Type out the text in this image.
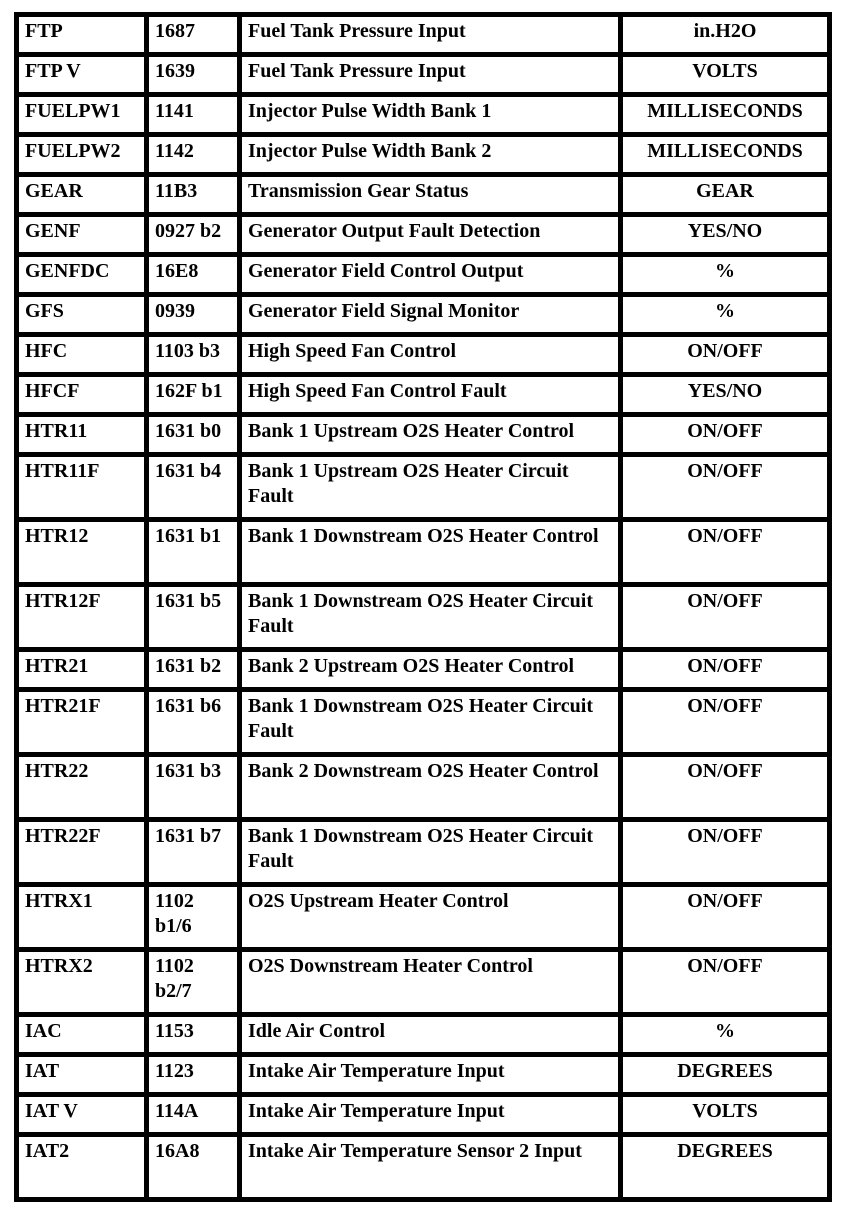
FTP	1687	Fuel Tank Pressure Input	in.H2O
FTP V	1639	Fuel Tank Pressure Input	VOLTS
FUELPW1	1141	Injector Pulse Width Bank 1	MILLISECONDS
FUELPW2	1142	Injector Pulse Width Bank 2	MILLISECONDS
GEAR	11B3	Transmission Gear Status	GEAR
GENF	0927 b2	Generator Output Fault Detection	YES/NO
GENFDC	16E8	Generator Field Control Output	%
GFS	0939	Generator Field Signal Monitor	%
HFC	1103 b3	High Speed Fan Control	ON/OFF
HFCF	162F b1	High Speed Fan Control Fault	YES/NO
HTR11	1631 b0	Bank 1 Upstream O2S Heater Control	ON/OFF
HTR11F	1631 b4	Bank 1 Upstream O2S Heater Circuit Fault	ON/OFF
HTR12	1631 b1	Bank 1 Downstream O2S Heater Control	ON/OFF
HTR12F	1631 b5	Bank 1 Downstream O2S Heater Circuit Fault	ON/OFF
HTR21	1631 b2	Bank 2 Upstream O2S Heater Control	ON/OFF
HTR21F	1631 b6	Bank 1 Downstream O2S Heater Circuit Fault	ON/OFF
HTR22	1631 b3	Bank 2 Downstream O2S Heater Control	ON/OFF
HTR22F	1631 b7	Bank 1 Downstream O2S Heater Circuit Fault	ON/OFF
HTRX1	1102 b1/6	O2S Upstream Heater Control	ON/OFF
HTRX2	1102 b2/7	O2S Downstream Heater Control	ON/OFF
IAC	1153	Idle Air Control	%
IAT	1123	Intake Air Temperature Input	DEGREES
IAT V	114A	Intake Air Temperature Input	VOLTS
IAT2	16A8	Intake Air Temperature Sensor 2 Input	DEGREES
